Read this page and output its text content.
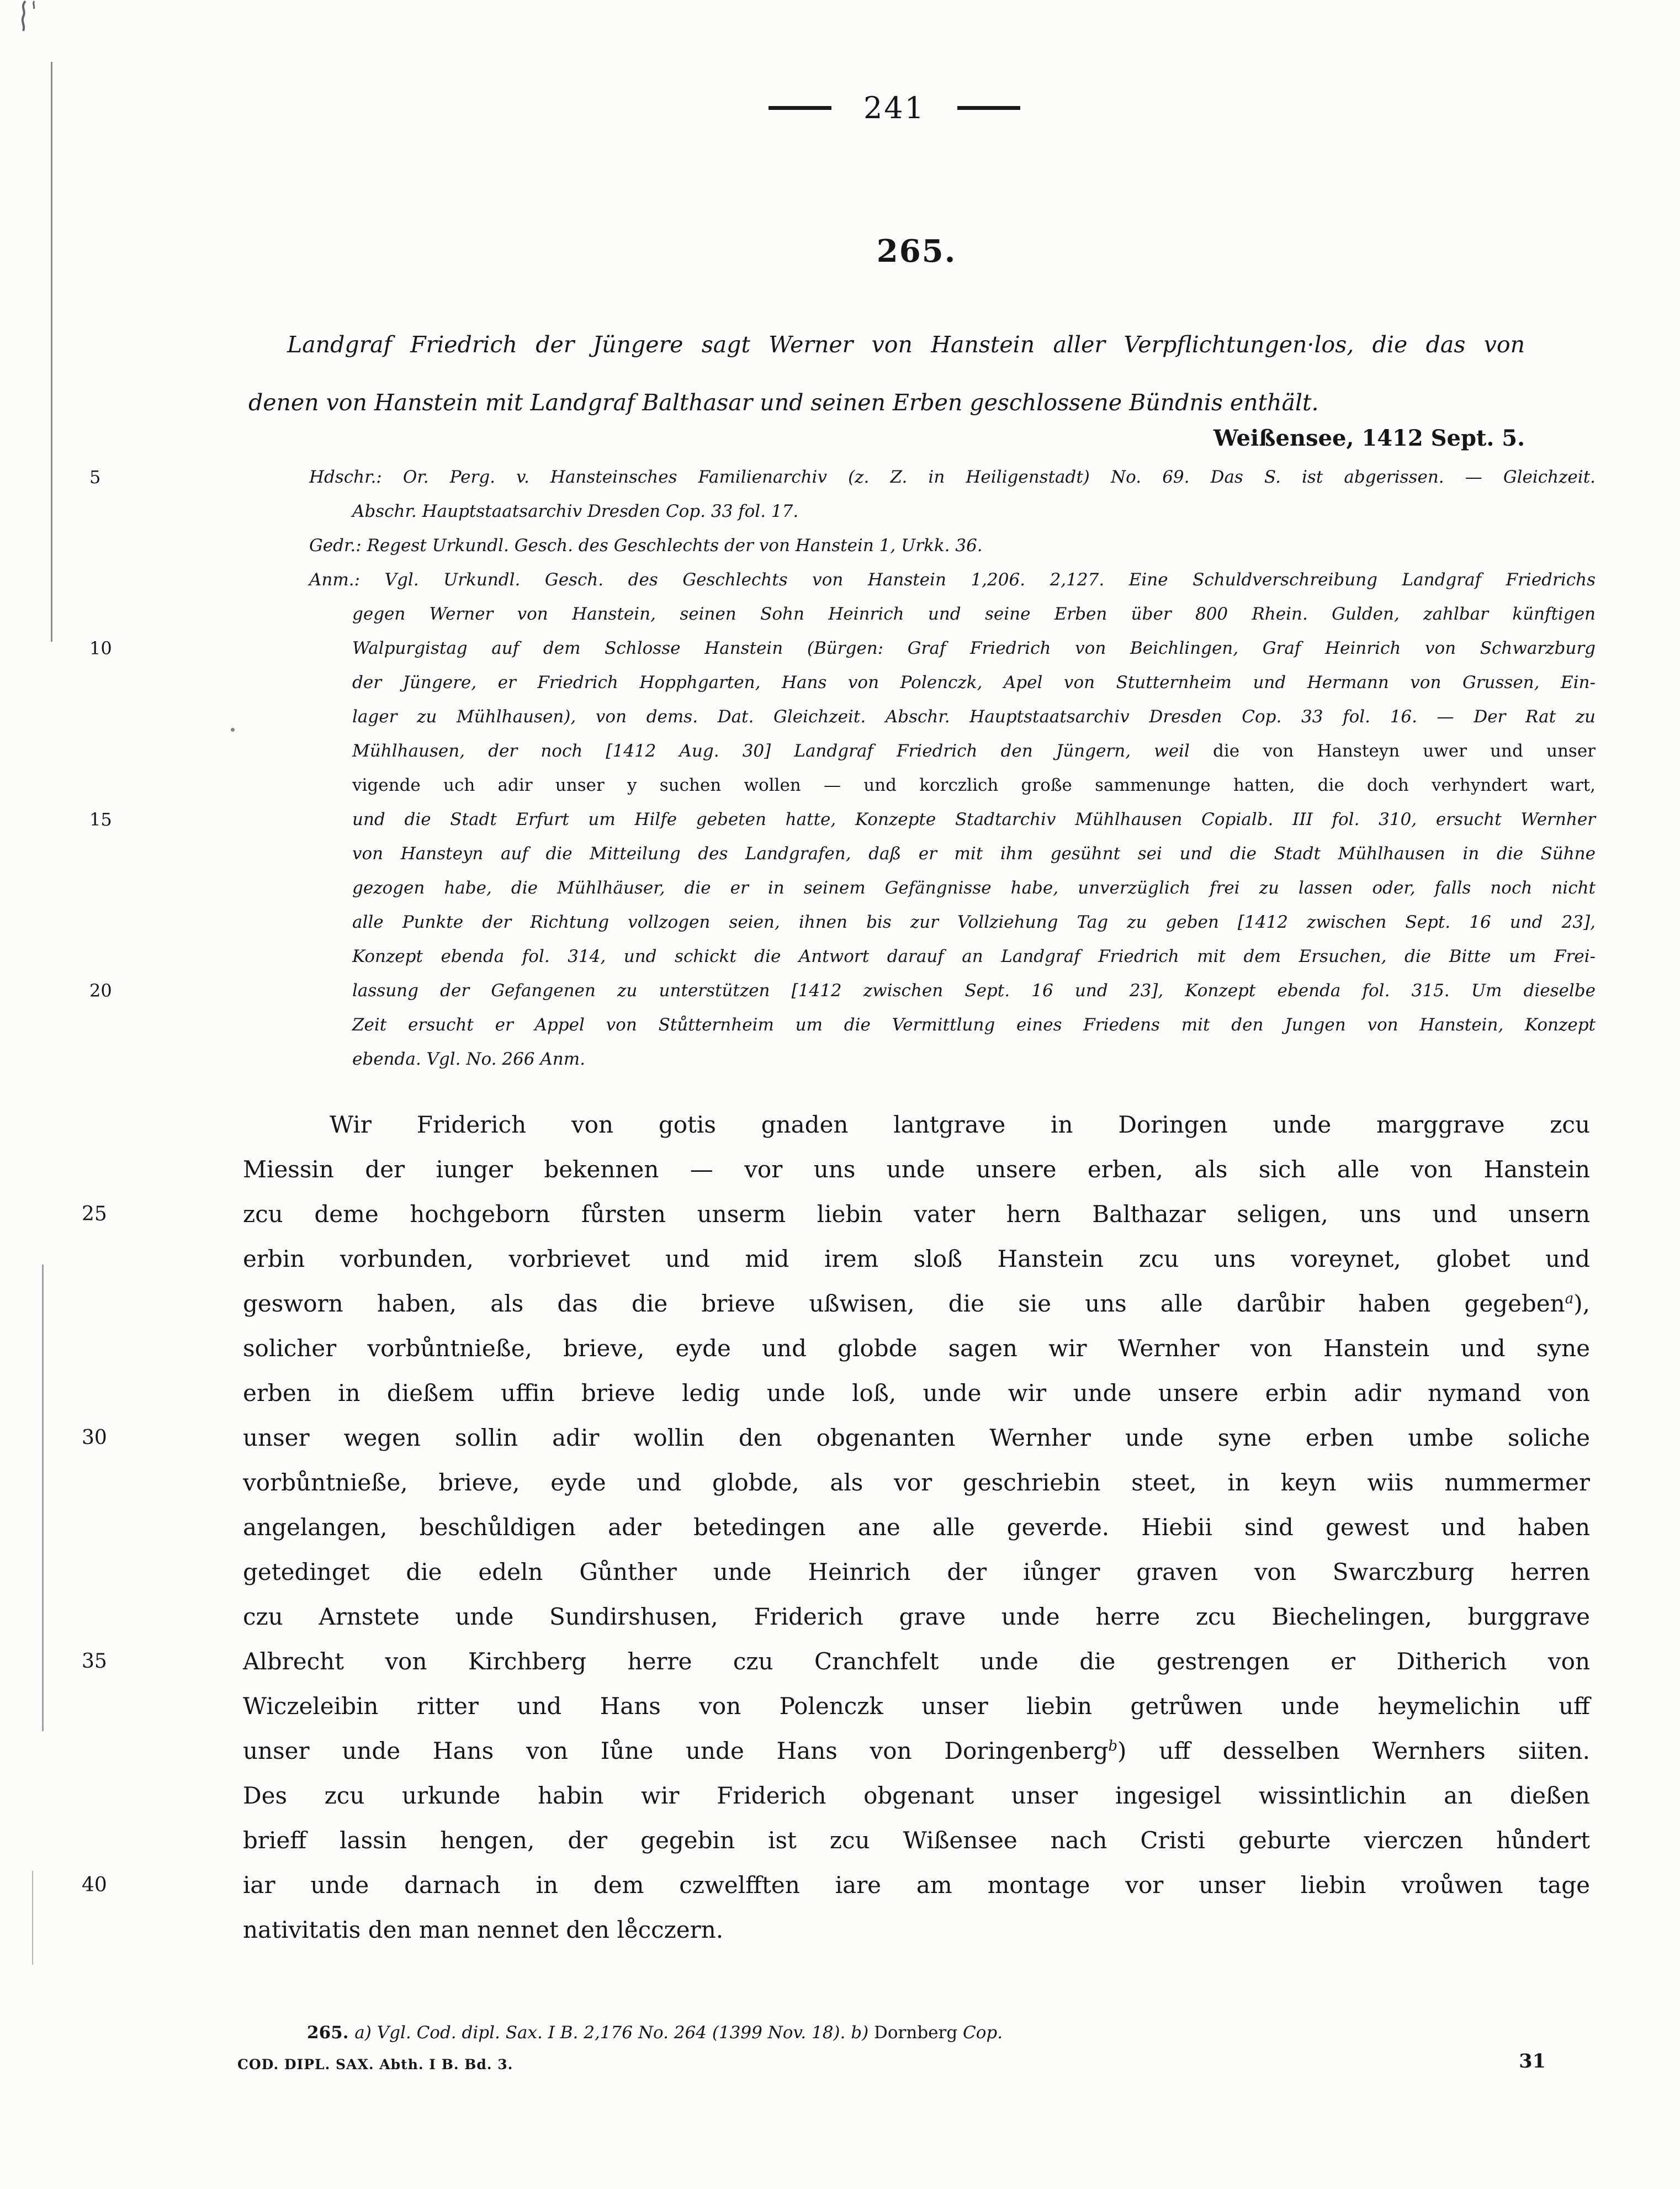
241
265.
Landgraf Friedrich der Jüngere sagt Werner von Hanstein aller Verpflichtungen·los, die das von
denen von Hanstein mit Landgraf Balthasar und seinen Erben geschlossene Bündnis enthält.
Weißensee, 1412 Sept. 5.
5	Hdschr.: Or. Perg. v. Hansteinsches Familienarchiv (z. Z. in Heiligenstadt) No. 69. Das S. ist abgerissen. — Gleichzeit.
Abschr. Hauptstaatsarchiv Dresden Cop. 33 fol. 17.
Gedr.: Regest Urkundl. Gesch. des Geschlechts der von Hanstein 1, Urkk. 36.
Anm.: Vgl. Urkundl. Gesch. des Geschlechts von Hanstein 1,206. 2,127. Eine Schuldverschreibung Landgraf Friedrichs
gegen Werner von Hanstein, seinen Sohn Heinrich und seine Erben über 800 Rhein. Gulden, zahlbar künftigen
10	Walpurgistag auf dem Schlosse Hanstein (Bürgen: Graf Friedrich von Beichlingen, Graf Heinrich von Schwarzburg
der Jüngere, er Friedrich Hopphgarten, Hans von Polenczk, Apel von Stutternheim und Hermann von Grussen, Ein-
lager zu Mühlhausen), von dems. Dat. Gleichzeit. Abschr. Hauptstaatsarchiv Dresden Cop. 33 fol. 16. — Der Rat zu
Mühlhausen, der noch [1412 Aug. 30] Landgraf Friedrich den Jüngern, weil die von Hansteyn uwer und unser
vigende uch adir unser y suchen wollen — und korczlich große sammenunge hatten, die doch verhyndert wart,
15	und die Stadt Erfurt um Hilfe gebeten hatte, Konzepte Stadtarchiv Mühlhausen Copialb. III fol. 310, ersucht Wernher
von Hansteyn auf die Mitteilung des Landgrafen, daß er mit ihm gesühnt sei und die Stadt Mühlhausen in die Sühne
gezogen habe, die Mühlhäuser, die er in seinem Gefängnisse habe, unverzüglich frei zu lassen oder, falls noch nicht
alle Punkte der Richtung vollzogen seien, ihnen bis zur Vollziehung Tag zu geben [1412 zwischen Sept. 16 und 23],
Konzept ebenda fol. 314, und schickt die Antwort darauf an Landgraf Friedrich mit dem Ersuchen, die Bitte um Frei-
20	lassung der Gefangenen zu unterstützen [1412 zwischen Sept. 16 und 23], Konzept ebenda fol. 315. Um dieselbe
Zeit ersucht er Appel von Stůtternheim um die Vermittlung eines Friedens mit den Jungen von Hanstein, Konzept
ebenda. Vgl. No. 266 Anm.
Wir Friderich von gotis gnaden lantgrave in Doringen unde marggrave zcu
Miessin der iunger bekennen — vor uns unde unsere erben, als sich alle von Hanstein
25	zcu deme hochgeborn fůrsten unserm liebin vater hern Balthazar seligen, uns und unsern
erbin vorbunden, vorbrievet und mid irem sloß Hanstein zcu uns voreynet, globet und
gesworn haben, als das die brieve ußwisen, die sie uns alle darůbir haben gegeben$^a$),
solicher vorbůntnieße, brieve, eyde und globde sagen wir Wernher von Hanstein und syne
erben in dießem uffin brieve ledig unde loß, unde wir unde unsere erbin adir nymand von
30	unser wegen sollin adir wollin den obgenanten Wernher unde syne erben umbe soliche
vorbůntnieße, brieve, eyde und globde, als vor geschriebin steet, in keyn wiis nummermer
angelangen, beschůldigen ader betedingen ane alle geverde. Hiebii sind gewest und haben
getedinget die edeln Gůnther unde Heinrich der iůnger graven von Swarczburg herren
czu Arnstete unde Sundirshusen, Friderich grave unde herre zcu Biechelingen, burggrave
35	Albrecht von Kirchberg herre czu Cranchfelt unde die gestrengen er Ditherich von
Wiczeleibin ritter und Hans von Polenczk unser liebin getrůwen unde heymelichin uff
unser unde Hans von Iůne unde Hans von Doringenberg$^b$) uff desselben Wernhers siiten.
Des zcu urkunde habin wir Friderich obgenant unser ingesigel wissintlichin an dießen
brieff lassin hengen, der gegebin ist zcu Wißensee nach Cristi geburte vierczen hůndert
40	iar unde darnach in dem czwelfften iare am montage vor unser liebin vroůwen tage
nativitatis den man nennet den le̊cczern.
265. a) Vgl. Cod. dipl. Sax. I B. 2,176 No. 264 (1399 Nov. 18). b) Dornberg Cop.
COD. DIPL. SAX. Abth. I B. Bd. 3.	31
